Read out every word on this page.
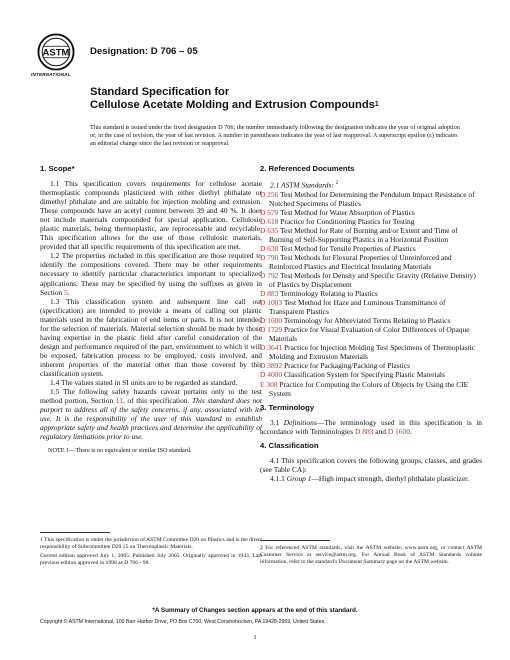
ASTM
INTERNATIONAL
Designation: D 706 – 05
Standard Specification for
Cellulose Acetate Molding and Extrusion Compounds$^1$
This standard is issued under the fixed designation D 706; the number immediately following the designation indicates the year of original adoption or, in the case of revision, the year of last revision. A number in parentheses indicates the year of last reapproval. A superscript epsilon (ε) indicates an editorial change since the last revision or reapproval.
1. Scope*

1.1 This specification covers requirements for cellulose acetate thermoplastic compounds plasticized with either diethyl phthalate or dimethyl phthalate and are suitable for injection molding and extrusion. These compounds have an acetyl content between 39 and 40 %. It does not include materials compounded for special application. Cellulosic plastic materials, being thermoplastic, are reprocessable and recyclable. This specification allows for the use of those cellulosic materials, provided that all specific requirements of this specification are met.

1.2 The properties included in this specification are those required to identify the compositions covered. There may be other requirements necessary to identify particular characteristics important to specialized applications. These may be specified by using the suffixes as given in Section 5.

1.3 This classification system and subsequent line call out (specification) are intended to provide a means of calling out plastic materials used in the fabrication of end items or parts. It is not intended for the selection of materials. Material selection should be made by those having expertise in the plastic field after careful consideration of the design and performance required of the part, environment to which it will be exposed, fabrication process to be employed, costs involved, and inherent properties of the material other than those covered by this classification system.

1.4 The values stated in SI units are to be regarded as standard.

1.5 The following safety hazards caveat pertains only to the test method portion, Section 11, of this specification. This standard does not purport to address all of the safety concerns, if any, associated with its use. It is the responsibility of the user of this standard to establish appropriate safety and health practices and determine the applicability of regulatory limitations prior to use.

NOTE 1—There is no equivalent or similar ISO standard.

2. Referenced Documents

2.1 ASTM Standards: $^2$

D 256 Test Method for Determining the Pendulum Impact Resistance of Notched Specimens of Plastics
D 570 Test Method for Water Absorption of Plastics
D 618 Practice for Conditioning Plastics for Testing
D 635 Test Method for Rate of Burning and/or Extent and Time of Burning of Self-Supporting Plastics in a Horizontal Position
D 638 Test Method for Tensile Properties of Plastics
D 790 Test Methods for Flexural Properties of Unreinforced and Reinforced Plastics and Electrical Insulating Materials
D 792 Test Methods for Density and Specific Gravity (Relative Density) of Plastics by Displacement
D 883 Terminology Relating to Plastics
D 1003 Test Method for Haze and Luminous Transmittance of Transparent Plastics
D 1600 Terminology for Abbreviated Terms Relating to Plastics
D 1729 Practice for Visual Evaluation of Color Differences of Opaque Materials
D 3641 Practice for Injection Molding Test Specimens of Thermoplastic Molding and Extrusion Materials
D 3892 Practice for Packaging/Packing of Plastics
D 4000 Classification System for Specifying Plastic Materials
E 308 Practice for Computing the Colors of Objects by Using the CIE System
3. Terminology

3.1 Definitions—The terminology used in this specification is in accordance with Terminologies D 883 and D 1600.

4. Classification

4.1 This specification covers the following groups, classes, and grades (see Table CA):

4.1.1 Group 1—High impact strength, diethyl phthalate plasticizer.

1 This specification is under the jurisdiction of ASTM Committee D20 on Plastics and is the direct responsibility of Subcommittee D20.15 on Thermoplastic Materials.
Current edition approved July 1, 2005. Published July 2005. Originally approved in 1943. Last previous edition approved in 1998 as D 706 - 98.
2 For referenced ASTM standards, visit the ASTM website, www.astm.org, or contact ASTM Customer Service at service@astm.org. For Annual Book of ASTM Standards volume information, refer to the standard's Document Summary page on the ASTM website.
*A Summary of Changes section appears at the end of this standard.
Copyright © ASTM International, 100 Barr Harbor Drive, PO Box C700, West Conshohocken, PA 19428-2959, United States.
1
